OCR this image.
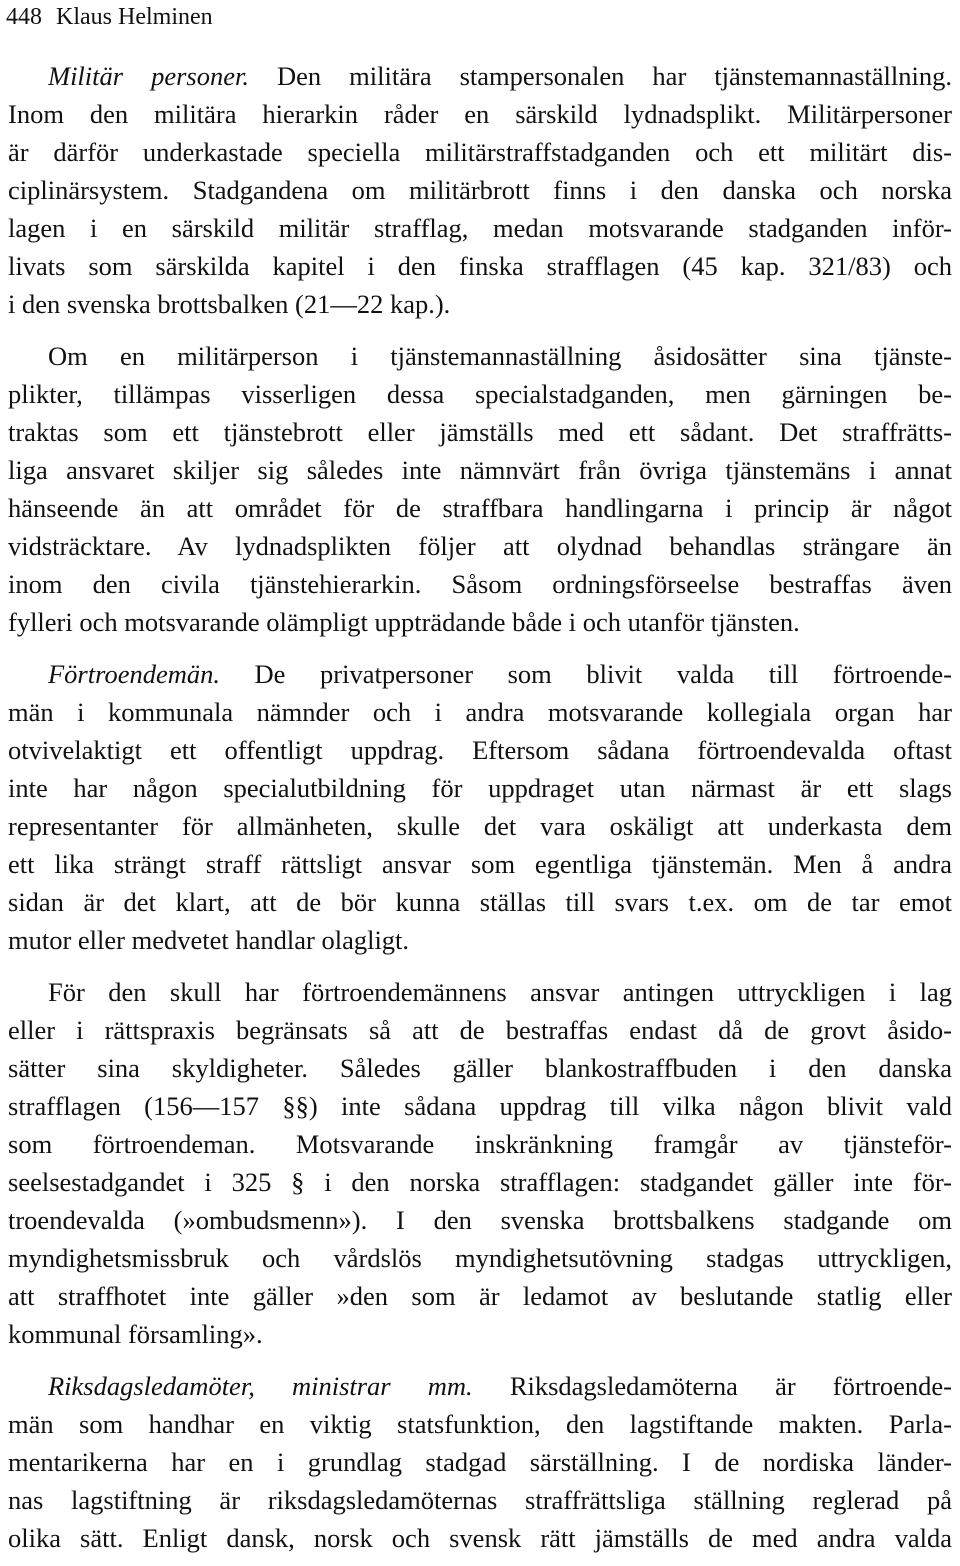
448 Klaus Helminen
Militär personer. Den militära stampersonalen har tjänstemannaställning.
Inom den militära hierarkin råder en särskild lydnadsplikt. Militärpersoner
är därför underkastade speciella militärstraffstadganden och ett militärt dis-
ciplinärsystem. Stadgandena om militärbrott finns i den danska och norska
lagen i en särskild militär strafflag, medan motsvarande stadganden inför-
livats som särskilda kapitel i den finska strafflagen (45 kap. 321/83) och
i den svenska brottsbalken (21—22 kap.).
Om en militärperson i tjänstemannaställning åsidosätter sina tjänste-
plikter, tillämpas visserligen dessa specialstadganden, men gärningen be-
traktas som ett tjänstebrott eller jämställs med ett sådant. Det straffrätts-
liga ansvaret skiljer sig således inte nämnvärt från övriga tjänstemäns i annat
hänseende än att området för de straffbara handlingarna i princip är något
vidsträcktare. Av lydnadsplikten följer att olydnad behandlas strängare än
inom den civila tjänstehierarkin. Såsom ordningsförseelse bestraffas även
fylleri och motsvarande olämpligt uppträdande både i och utanför tjänsten.
Förtroendemän. De privatpersoner som blivit valda till förtroende-
män i kommunala nämnder och i andra motsvarande kollegiala organ har
otvivelaktigt ett offentligt uppdrag. Eftersom sådana förtroendevalda oftast
inte har någon specialutbildning för uppdraget utan närmast är ett slags
representanter för allmänheten, skulle det vara oskäligt att underkasta dem
ett lika strängt straff rättsligt ansvar som egentliga tjänstemän. Men å andra
sidan är det klart, att de bör kunna ställas till svars t.ex. om de tar emot
mutor eller medvetet handlar olagligt.
För den skull har förtroendemännens ansvar antingen uttryckligen i lag
eller i rättspraxis begränsats så att de bestraffas endast då de grovt åsido-
sätter sina skyldigheter. Således gäller blankostraffbuden i den danska
strafflagen (156—157 §§) inte sådana uppdrag till vilka någon blivit vald
som förtroendeman. Motsvarande inskränkning framgår av tjänsteför-
seelsestadgandet i 325 § i den norska strafflagen: stadgandet gäller inte för-
troendevalda (»ombudsmenn»). I den svenska brottsbalkens stadgande om
myndighetsmissbruk och vårdslös myndighetsutövning stadgas uttryckligen,
att straffhotet inte gäller »den som är ledamot av beslutande statlig eller
kommunal församling».
Riksdagsledamöter, ministrar mm. Riksdagsledamöterna är förtroende-
män som handhar en viktig statsfunktion, den lagstiftande makten. Parla-
mentarikerna har en i grundlag stadgad särställning. I de nordiska länder-
nas lagstiftning är riksdagsledamöternas straffrättsliga ställning reglerad på
olika sätt. Enligt dansk, norsk och svensk rätt jämställs de med andra valda
